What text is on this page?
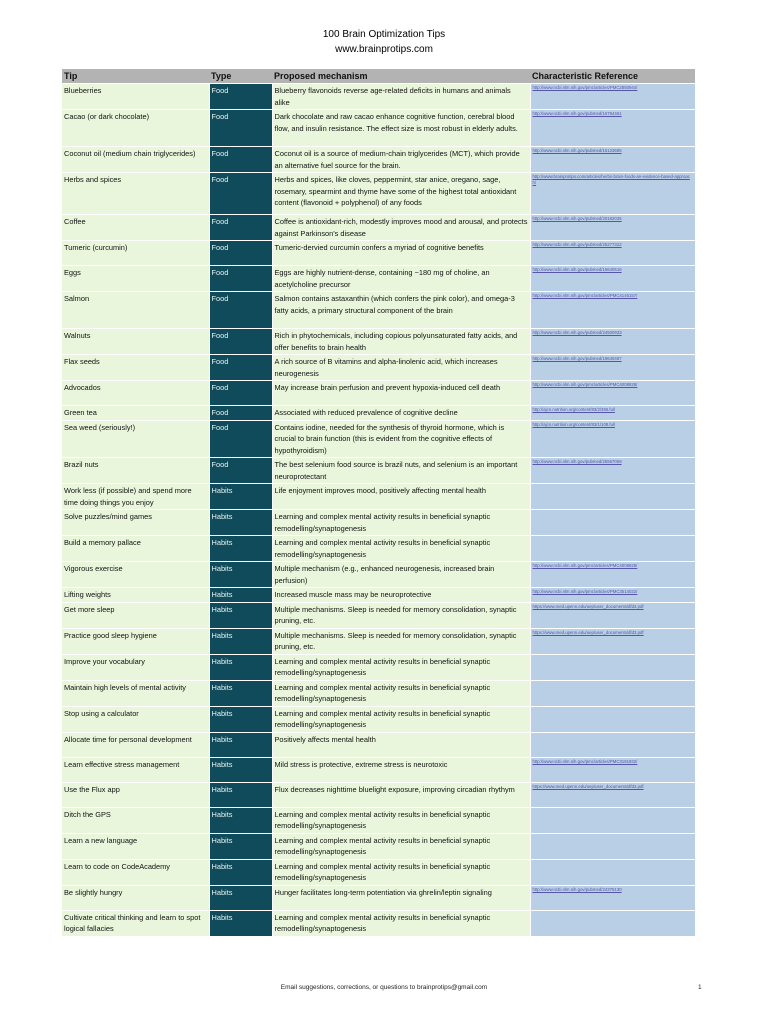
100 Brain Optimization Tips
www.brainprotips.com
Tip	Type	Proposed mechanism	Characteristic Reference
Blueberries	Food	Blueberry flavonoids reverse age-related deficits in humans and animals alike	http://www.ncbi.nlm.nih.gov/pmc/articles/PMC2850944/

Cacao (or dark chocolate)	Food	Dark chocolate and raw cacao enhance cognitive function, cerebral blood flow, and insulin resistance. The effect size is most robust in elderly adults.	http://www.ncbi.nlm.nih.gov/pubmed/16794461

Coconut oil (medium chain triglycerides)	Food	Coconut oil is a source of medium-chain triglycerides (MCT), which provide an alternative fuel source for the brain.	http://www.ncbi.nlm.nih.gov/pubmed/15123685

Herbs and spices	Food	Herbs and spices, like cloves, peppermint, star anice, oregano, sage, rosemary, spearmint and thyme have some of the highest total antioxidant content (flavonoid + polyphenol) of any foods	http://www.brainprotips.com/articles/herbs-brain-foods-an-evidence-based-approach/

Coffee	Food	Coffee is antioxidant-rich, modestly improves mood and arousal, and protects against Parkinson's disease	http://www.ncbi.nlm.nih.gov/pubmed/20182035

Tumeric (curcumin)	Food	Tumeric-dervied curcumin confers a myriad of cognitive benefits	http://www.ncbi.nlm.nih.gov/pubmed/25277322

Eggs	Food	Eggs are highly nutrient-dense, containing ~180 mg of choline, an acetylcholine precursor	http://www.ncbi.nlm.nih.gov/pubmed/15640516

Salmon	Food	Salmon contains astaxanthin (which confers the pink color), and omega-3 fatty acids, a primary structural component of the brain	http://www.ncbi.nlm.nih.gov/pmc/articles/PMC4145157/

Walnuts	Food	Rich in phytochemicals, including copious polyunsaturated fatty acids, and offer benefits to brain health	http://www.ncbi.nlm.nih.gov/pubmed/24500933

Flax seeds	Food	A rich source of B vitamins and alpha-linolenic acid, which increases neurogenesis	http://www.ncbi.nlm.nih.gov/pubmed/19640487

Advocados	Food	May increase brain perfusion and prevent hypoxia-induced cell death	http://www.ncbi.nlm.nih.gov/pmc/articles/PMC4008828/

Green tea	Food	Associated with reduced prevalence of cognitive decline	http://ajcn.nutrition.org/content/83/2/355.full

Sea weed (seriously!)	Food	Contains iodine, needed for the synthesis of thyroid hormone, which is crucial to brain function (this is evident from the cognitive effects of hypothyroidism)	http://ajcn.nutrition.org/content/83/1/108.full

Brazil nuts	Food	The best selenium food source is brazil nuts, and selenium is an important neuroprotectant	http://www.ncbi.nlm.nih.gov/pubmed/25567069

Work less (if possible) and spend more time doing things you enjoy	Habits	Life enjoyment improves mood, positively affecting mental health	

Solve puzzles/mind games	Habits	Learning and complex mental activity results in beneficial synaptic remodelling/synaptogenesis	

Build a memory pallace	Habits	Learning and complex mental activity results in beneficial synaptic remodelling/synaptogenesis	

Vigorous exercise	Habits	Multiple mechanism (e.g., enhanced neurogenesis, increased brain perfusion)	http://www.ncbi.nlm.nih.gov/pmc/articles/PMC4008828/

Lifting weights	Habits	Increased muscle mass may be neuroprotective	http://www.ncbi.nlm.nih.gov/pmc/articles/PMC3514022/

Get more sleep	Habits	Multiple mechanisms. Sleep is needed for memory consolidation, synaptic pruning, etc.	https://www.med.upenn.edu/uep/user_documents/dfd3.pdf

Practice good sleep hygiene	Habits	Multiple mechanisms. Sleep is needed for memory consolidation, synaptic pruning, etc.	https://www.med.upenn.edu/uep/user_documents/dfd3.pdf

Improve your vocabulary	Habits	Learning and complex mental activity results in beneficial synaptic remodelling/synaptogenesis	

Maintain high levels of mental activity	Habits	Learning and complex mental activity results in beneficial synaptic remodelling/synaptogenesis	

Stop using a calculator	Habits	Learning and complex mental activity results in beneficial synaptic remodelling/synaptogenesis	

Allocate time for personal development	Habits	Positively affects mental health	

Learn effective stress management	Habits	Mild stress is protective, extreme stress is neurotoxic	http://www.ncbi.nlm.nih.gov/pmc/articles/PMC3181832/

Use the Flux app	Habits	Flux decreases nighttime bluelight exposure, improving circadian rhythym	https://www.med.upenn.edu/uep/user_documents/dfd3.pdf

Ditch the GPS	Habits	Learning and complex mental activity results in beneficial synaptic remodelling/synaptogenesis	

Learn a new language	Habits	Learning and complex mental activity results in beneficial synaptic remodelling/synaptogenesis	

Learn to code on CodeAcademy	Habits	Learning and complex mental activity results in beneficial synaptic remodelling/synaptogenesis	

Be slightly hungry	Habits	Hunger facilitates long-term potentiation via ghrelin/leptin signaling	http://www.ncbi.nlm.nih.gov/pubmed/24375130

Cultivate critical thinking and learn to spot logical fallacies	Habits	Learning and complex mental activity results in beneficial synaptic remodelling/synaptogenesis	
Email suggestions, corrections, or questions to brainprotips@gmail.com	1
